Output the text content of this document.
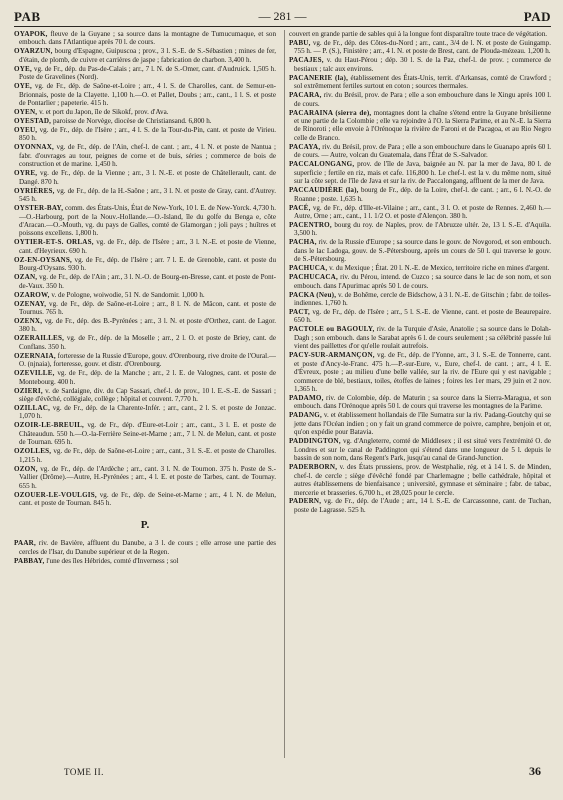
PAB	— 281 —	PAD

OYAPOK, fleuve de la Guyane ; sa source dans la montagne de Tumucumaque, et son embouch. dans l'Atlantique après 70 l. de cours.

OYARZUN, bourg d'Espagne, Guipuscoa ; prov., 3 l. S.-E. de S.-Sébastien ; mines de fer, d'étain, de plomb, de cuivre et carrières de jaspe ; fabrication de charbon. 3,400 h.

OYE, vg. de Fr., dép. du Pas-de-Calais ; arr., 7 l. N. de S.-Omer, cant. d'Audruick. 1,505 h. Poste de Gravelines (Nord).

OYE, vg. de Fr., dép. de Saône-et-Loire ; arr., 4 l. S. de Charolles, cant. de Semur-en-Brionnais, poste de la Clayette. 1,100 h.—O. et Pallet, Doubs ; arr., cant., 1 l. S. et poste de Pontarlier ; papeterie. 415 h.

OYEN, v. et port du Japon, île de Sikokf, prov. d'Ava.

OYESTAD, paroisse de Norvège, diocèse de Christiansand. 6,800 h.

OYEU, vg. de Fr., dép. de l'Isère ; arr., 4 l. S. de la Tour-du-Pin, cant. et poste de Virieu. 850 h.

OYONNAX, vg. de Fr., dép. de l'Ain, chef-l. de cant. ; arr., 4 l. N. et poste de Nantua ; fabr. d'ouvrages au tour, peignes de corne et de buis, séries ; commerce de bois de construction et de marine. 1,450 h.

OYRE, vg. de Fr., dép. de la Vienne ; arr., 3 l. N.-E. et poste de Châtellerault, cant. de Dangé. 870 h.

OYRIÈRES, vg. de Fr., dép. de la H.-Saône ; arr., 3 l. N. et poste de Gray, cant. d'Autrey. 545 h.

OYSTER-BAY, comm. des États-Unis, État de New-York, 10 l. E. de New-Yorck. 4,730 h.—O.-Harbourg, port de la Nouv.-Hollande.—O.-Island, île du golfe du Benga e, côte d'Aracan.—O.-Mouth, vg. du pays de Galles, comté de Glamorgan ; joli pays ; huîtres et poissons excellens. 1,800 h.

OYTIER-ET-S. ORLAS, vg. de Fr., dép. de l'Isère ; arr., 3 l. N.-E. et poste de Vienne, cant. d'Heyrieux. 690 h.

OZ-EN-OYSANS, vg. de Fr., dép. de l'Isère ; arr. 7 l. E. de Grenoble, cant. et poste du Bourg-d'Oysans. 930 h.

OZAN, vg. de Fr., dép. de l'Ain ; arr., 3 l. N.-O. de Bourg-en-Bresse, cant. et poste de Pont-de-Vaux. 350 h.

OZAROW, v. de Pologne, woiwodie, 51 N. de Sandomir. 1,000 h.

OZENAY, vg. de Fr., dép. de Saône-et-Loire ; arr., 8 l. N. de Mâcon, cant. et poste de Tournus. 765 h.

OZENX, vg. de Fr., dép. des B.-Pyrénées ; arr., 3 l. N. et poste d'Orthez, cant. de Lagor. 380 h.

OZERAILLES, vg. de Fr., dép. de la Moselle ; arr., 2 l. O. et poste de Briey, cant. de Conflans. 350 h.

OZERNAIA, forteresse de la Russie d'Europe, gouv. d'Orenbourg, rive droite de l'Oural.—O. (njnaia), forteresse, gouv. et distr. d'Orenbourg.

OZEVILLE, vg. de Fr., dép. de la Manche ; arr., 2 l. E. de Valognes, cant. et poste de Montebourg. 400 h.

OZIERI, v. de Sardaigne, div. du Cap Sassari, chef-l. de prov., 10 l. E.-S.-E. de Sassari ; siège d'évêché, collégiale, collège ; hôpital et couvent. 7,770 h.

OZILLAC, vg. de Fr., dép. de la Charente-Infér. ; arr., cant., 2 l. S. et poste de Jonzac. 1,070 h.

OZOIR-LE-BREUIL, vg. de Fr., dép. d'Eure-et-Loir ; arr., cant., 3 l. E. et poste de Châteaudun. 550 h.—O.-la-Ferrière Seine-et-Marne ; arr., 7 l. N. de Melun, cant. et poste de Tournan. 695 h.

OZOLLES, vg. de Fr., dép. de Saône-et-Loire ; arr., cant., 3 l. S.-E. et poste de Charolles. 1,215 h.

OZON, vg. de Fr., dép. de l'Ardèche ; arr., cant. 3 l. N. de Tournon. 375 h. Poste de S.-Vallier (Drôme).—Autre, H.-Pyrénées ; arr., 4 l. E. et poste de Tarbes, cant. de Tournay. 655 h.

OZOUER-LE-VOULGIS, vg. de Fr., dép. de Seine-et-Marne ; arr., 4 l. N. de Melun, cant. et poste de Tournan. 845 h.

P.

PAAR, riv. de Bavière, affluent du Danube, a 3 l. de cours ; elle arrose une partie des cercles de l'Isar, du Danube supérieur et de la Regen.

PABBAY, l'une des îles Hébrides, comté d'Inverness ; sol

couvert en grande partie de sables qui à la longue font disparaître toute trace de végétation.

PABU, vg. de Fr., dép. des Côtes-du-Nord ; arr., cant., 3/4 de l. N. et poste de Guingamp. 755 h. — P. (S.), Finistère ; arr., 4 l. N. et poste de Brest, cant. de Plouda-mézeau. 1,200 h.

PACAJES, v. du Haut-Pérou ; dép. 30 l. S. de la Paz, chef-l. de prov. ; commerce de bestiaux ; talc aux environs.

PACANERIE (la), établissement des États-Unis, territ. d'Arkansas, comté de Crawford ; sol extrêmement fertiles surtout en coton ; sources thermales.

PACARA, riv. du Brésil, prov. de Para ; elle a son embouchure dans le Xingu après 100 l. de cours.

PACARAINA (sierra de), montagnes dont la chaîne s'étend entre la Guyane brésilienne et une partie de la Colombie ; elle va rejoindre à l'O. la Sierra Parime, et au N.-E. la Sierra de Rinoroti ; elle envoie à l'Orénoque la rivière de Faroni et de Pacagoa, et au Rio Negro celle de Branco.

PACAYA, riv. du Brésil, prov. de Para ; elle a son embouchure dans le Guanapo après 60 l. de cours. — Autre, volcan du Guatemala, dans l'État de S.-Salvador.

PACCALONGANG, prov. de l'île de Java, baignée au N. par la mer de Java, 80 l. de superficie ; fertile en riz, mais et cafe. 116,800 h. Le chef-l. est la v. du même nom, situé sur la côte sept. de l'île de Java et sur la riv. de Paccalongang, affluent de la mer de Java.

PACCAUDIÈRE (la), bourg de Fr., dép. de la Loire, chef-l. de cant. ; arr., 6 l. N.-O. de Roanne ; poste. 1,635 h.

PACÉ, vg. de Fr., dép. d'Ille-et-Vilaine ; arr., cant., 3 l. O. et poste de Rennes. 2,460 h.—Autre, Orne ; arr., cant., 1 l. 1/2 O. et poste d'Alençon. 380 h.

PACENTRO, bourg du roy. de Naples, prov. de l'Abruzze ultér. 2e, 13 l. S.-E. d'Aquila. 3,500 h.

PACHA, riv. de la Russie d'Europe ; sa source dans le gouv. de Novgorod, et son embouch. dans le lac Ladoga, gouv. de S.-Pétersbourg, après un cours de 50 l. qui traverse le gouv. de S.-Pétersbourg.

PACHUCA, v. du Mexique ; État. 20 l. N.-E. de Mexico, territoire riche en mines d'argent.

PACHUCACA, riv. du Pérou, intend. de Cuzco ; sa source dans le lac de son nom, et son embouch. dans l'Apurimac après 50 l. de cours.

PACKA (Neu), v. de Bohême, cercle de Bidschow, à 3 l. N.-E. de Gitschin ; fabr. de toiles-indiennes. 1,760 h.

PACT, vg. de Fr., dép. de l'Isère ; arr., 5 l. S.-E. de Vienne, cant. et poste de Beaurepaire. 650 h.

PACTOLE ou BAGOULY, riv. de la Turquie d'Asie, Anatolie ; sa source dans le Dolah-Dagh ; son embouch. dans le Sarabat après 6 l. de cours seulement ; sa célébrité passée lui vient des paillettes d'or qu'elle roulait autrefois.

PACY-SUR-ARMANÇON, vg. de Fr., dép. de l'Yonne, arr., 3 l. S.-E. de Tonnerre, cant. et poste d'Ancy-le-Franc. 475 h.—P.-sur-Eure, v., Eure, chef-l. de cant. ; arr., 4 l. E. d'Évreux, poste ; au milieu d'une belle vallée, sur la riv. de l'Eure qui y est navigable ; commerce de blé, bestiaux, toiles, étoffes de laines ; foires les 1er mars, 29 juin et 2 nov. 1,365 h.

PADAMO, riv. de Colombie, dép. de Maturin ; sa source dans la Sierra-Maragua, et son embouch. dans l'Orénoque après 50 l. de cours qui traverse les montagnes de la Parime.

PADANG, v. et établissement hollandais de l'île Sumatra sur la riv. Padang-Goutchy qui se jette dans l'Océan indien ; on y fait un grand commerce de poivre, camphre, benjoin et or, qu'on expédie pour Batavia.

PADDINGTON, vg. d'Angleterre, comté de Middlesex ; il est situé vers l'extrémité O. de Londres et sur le canal de Paddington qui s'étend dans une longueur de 5 l. depuis le bassin de son nom, dans Regent's Park, jusqu'au canal de Grand-Junction.

PADERBORN, v. des États prussiens, prov. de Westphalie, rég. et à 14 l. S. de Minden, chef-l. de cercle ; siège d'évêché fondé par Charlemagne ; belle cathédrale, hôpital et autres établissemens de bienfaisance ; université, gymnase et séminaire ; fabr. de tabac, mercerie et brasseries. 6,700 h., et 28,025 pour le cercle.

PADERN, vg. de Fr., dép. de l'Aude ; arr., 14 l. S.-E. de Carcassonne, cant. de Tuchan, poste de Lagrasse. 525 h.

TOME II.	36
